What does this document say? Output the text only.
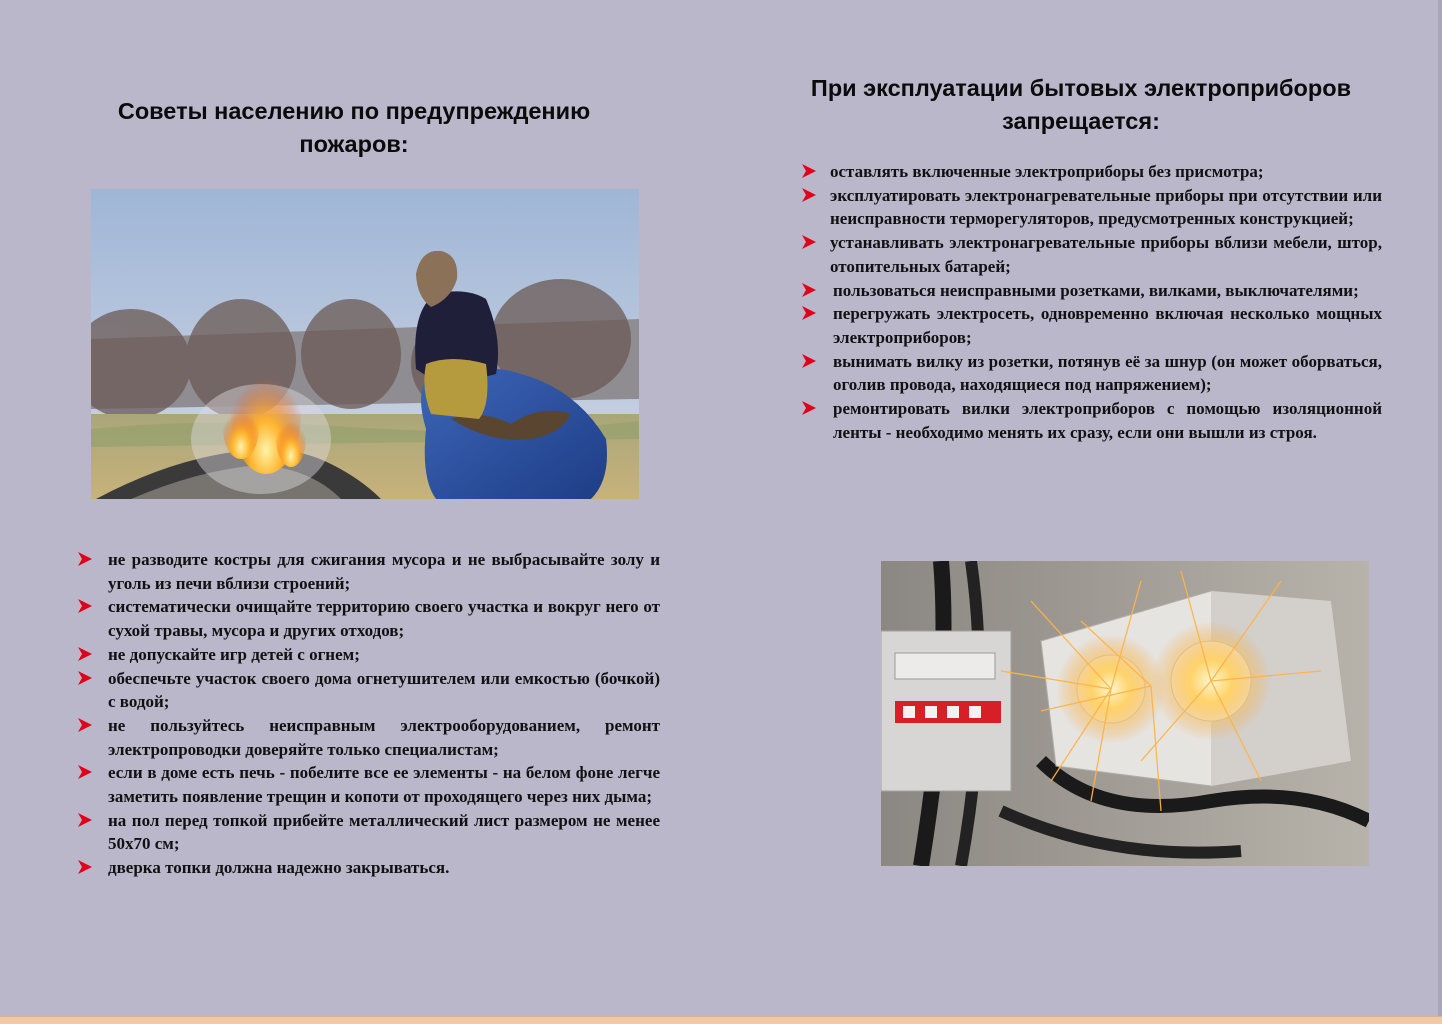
Советы населению по предупреждению пожаров:
не разводите костры для сжигания мусора и не выбрасывайте золу и уголь из печи вблизи строений;
систематически очищайте территорию своего участка и вокруг него от сухой травы, мусора и других отходов;
не допускайте игр детей с огнем;
обеспечьте участок своего дома огнетушителем или емкостью (бочкой) с водой;
не пользуйтесь неисправным электрооборудованием, ремонт электропроводки доверяйте только специалистам;
если в доме есть печь - побелите все ее элементы - на белом фоне легче заметить появление трещин и копоти от проходящего через них дыма;
на пол перед топкой прибейте металлический лист размером не менее 50х70 см;
дверка топки должна надежно закрываться.
При эксплуатации бытовых электроприборов запрещается:
оставлять включенные электроприборы без присмотра;
эксплуатировать электронагревательные приборы при отсутствии или неисправности терморегуляторов, предусмотренных конструкцией;
устанавливать электронагревательные приборы вблизи мебели, штор, отопительных батарей;
пользоваться неисправными розетками, вилками, выключателями;
перегружать электросеть, одновременно включая несколько мощных электроприборов;
вынимать вилку из розетки, потянув её за шнур (он может оборваться, оголив провода, находящиеся под напряжением);
ремонтировать вилки электроприборов с помощью изоляционной ленты - необходимо менять их сразу, если они вышли из строя.
